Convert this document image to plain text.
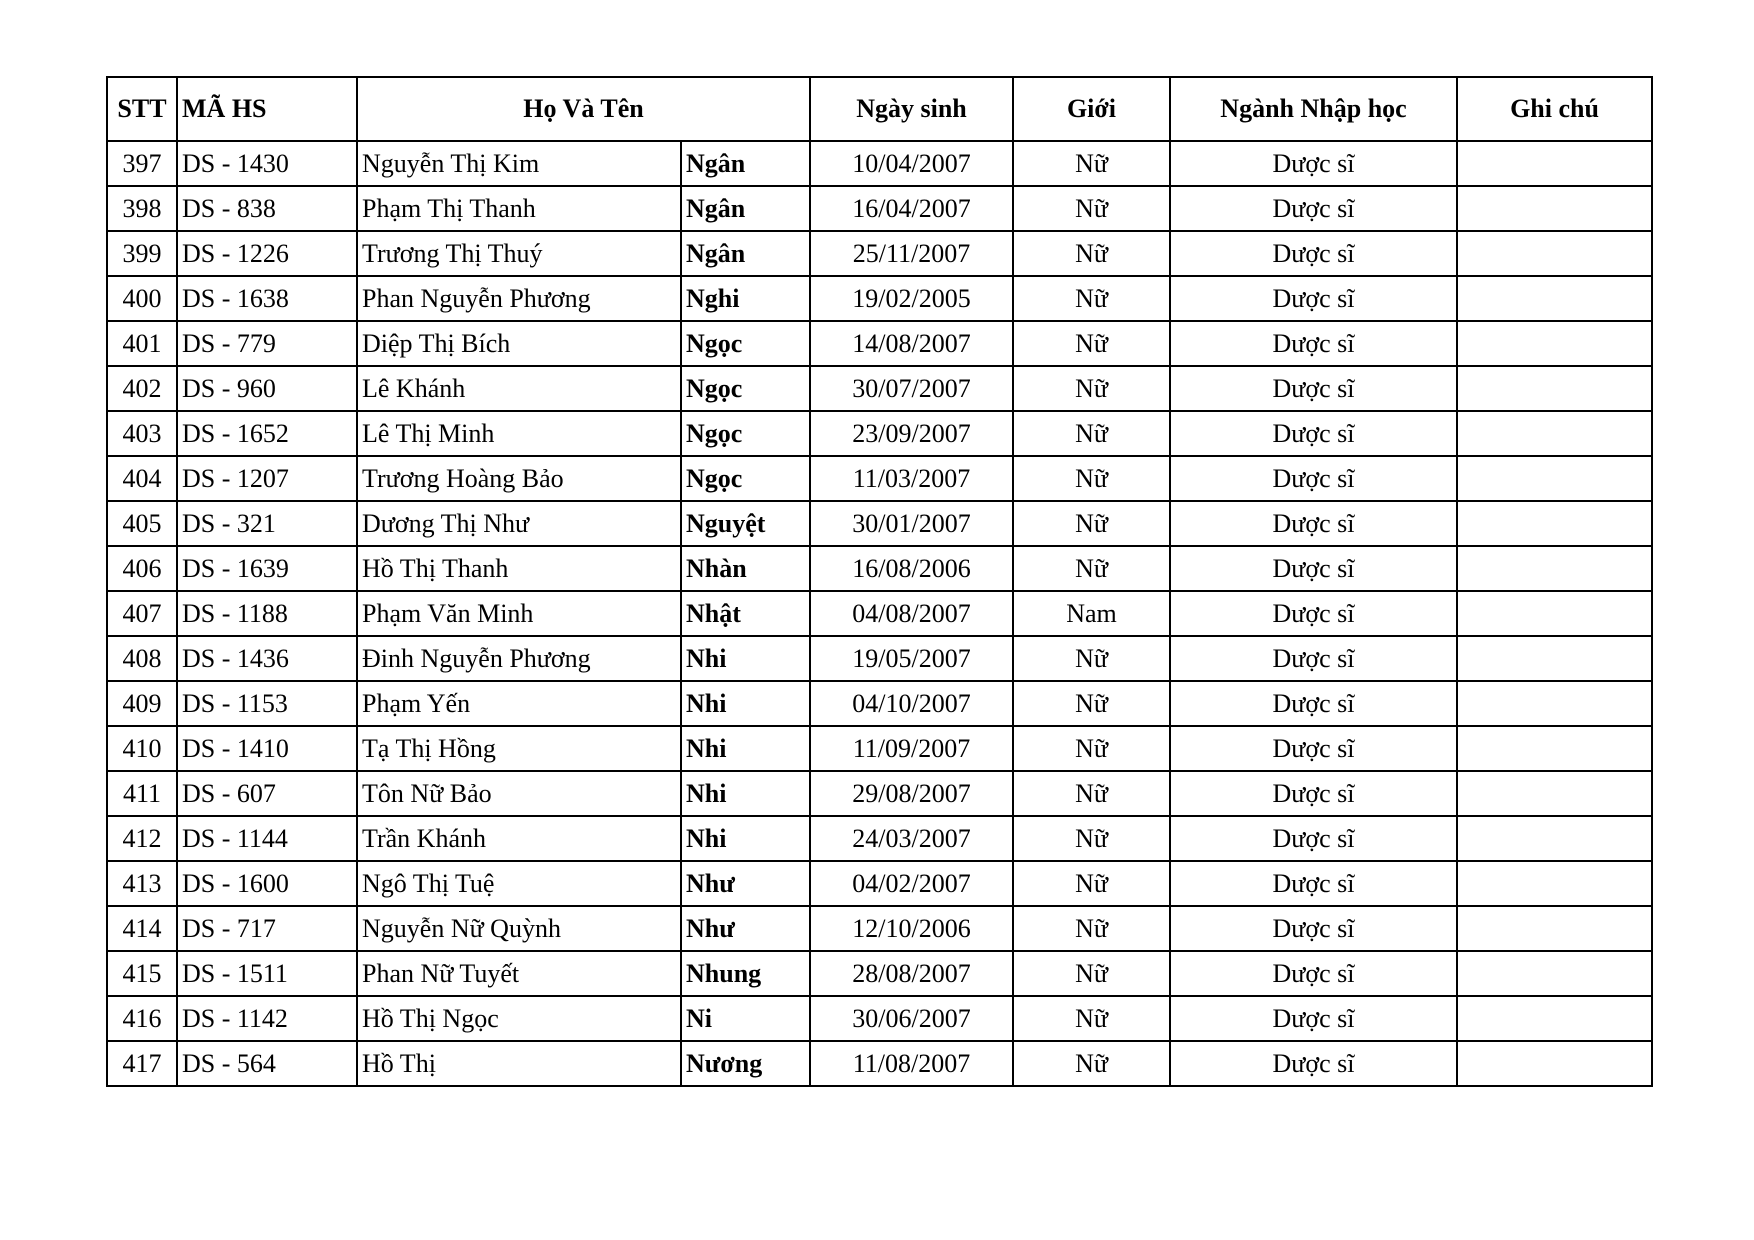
STT	MÃ HS	Họ Và Tên		Ngày sinh	Giới	Ngành Nhập học	Ghi chú
397	DS - 1430	Nguyễn Thị Kim	Ngân	10/04/2007	Nữ	Dược sĩ	
398	DS - 838	Phạm Thị Thanh	Ngân	16/04/2007	Nữ	Dược sĩ	
399	DS - 1226	Trương Thị Thuý	Ngân	25/11/2007	Nữ	Dược sĩ	
400	DS - 1638	Phan Nguyễn Phương	Nghi	19/02/2005	Nữ	Dược sĩ	
401	DS - 779	Diệp Thị Bích	Ngọc	14/08/2007	Nữ	Dược sĩ	
402	DS - 960	Lê Khánh	Ngọc	30/07/2007	Nữ	Dược sĩ	
403	DS - 1652	Lê Thị Minh	Ngọc	23/09/2007	Nữ	Dược sĩ	
404	DS - 1207	Trương Hoàng Bảo	Ngọc	11/03/2007	Nữ	Dược sĩ	
405	DS - 321	Dương Thị Như	Nguyệt	30/01/2007	Nữ	Dược sĩ	
406	DS - 1639	Hồ Thị Thanh	Nhàn	16/08/2006	Nữ	Dược sĩ	
407	DS - 1188	Phạm Văn Minh	Nhật	04/08/2007	Nam	Dược sĩ	
408	DS - 1436	Đinh Nguyễn Phương	Nhi	19/05/2007	Nữ	Dược sĩ	
409	DS - 1153	Phạm Yến	Nhi	04/10/2007	Nữ	Dược sĩ	
410	DS - 1410	Tạ Thị Hồng	Nhi	11/09/2007	Nữ	Dược sĩ	
411	DS - 607	Tôn Nữ Bảo	Nhi	29/08/2007	Nữ	Dược sĩ	
412	DS - 1144	Trần Khánh	Nhi	24/03/2007	Nữ	Dược sĩ	
413	DS - 1600	Ngô Thị Tuệ	Như	04/02/2007	Nữ	Dược sĩ	
414	DS - 717	Nguyễn Nữ Quỳnh	Như	12/10/2006	Nữ	Dược sĩ	
415	DS - 1511	Phan Nữ Tuyết	Nhung	28/08/2007	Nữ	Dược sĩ	
416	DS - 1142	Hồ Thị Ngọc	Ni	30/06/2007	Nữ	Dược sĩ	
417	DS - 564	Hồ Thị	Nương	11/08/2007	Nữ	Dược sĩ	
